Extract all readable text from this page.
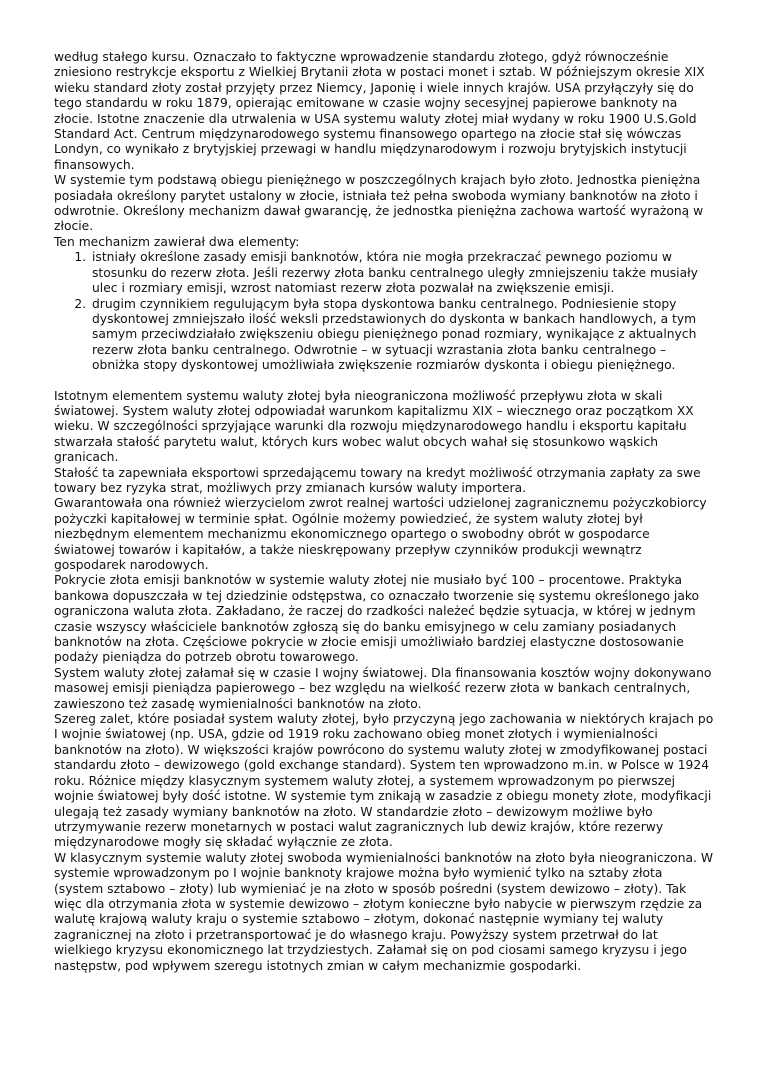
według stałego kursu. Oznaczało to faktyczne wprowadzenie standardu złotego, gdyż równocześnie zniesiono restrykcje eksportu z Wielkiej Brytanii złota w postaci monet i sztab. W późniejszym okresie XIX wieku standard złoty został przyjęty przez Niemcy, Japonię i wiele innych krajów. USA przyłączyły się do tego standardu w roku 1879, opierając emitowane w czasie wojny secesyjnej papierowe banknoty na złocie. Istotne znaczenie dla utrwalenia w USA systemu waluty złotej miał wydany w roku 1900 U.S.Gold Standard Act. Centrum międzynarodowego systemu finansowego opartego na złocie stał się wówczas Londyn, co wynikało z brytyjskiej przewagi w handlu międzynarodowym i rozwoju brytyjskich instytucji finansowych.

W systemie tym podstawą obiegu pieniężnego w poszczególnych krajach było złoto. Jednostka pieniężna posiadała określony parytet ustalony w złocie, istniała też pełna swoboda wymiany banknotów na złoto i odwrotnie. Określony mechanizm dawał gwarancję, że jednostka pieniężna zachowa wartość wyrażoną w złocie.

Ten mechanizm zawierał dwa elementy:

1. istniały określone zasady emisji banknotów, która nie mogła przekraczać pewnego poziomu w stosunku do rezerw złota. Jeśli rezerwy złota banku centralnego uległy zmniejszeniu także musiały ulec i rozmiary emisji, wzrost natomiast rezerw złota pozwalał na zwiększenie emisji.
2. drugim czynnikiem regulującym była stopa dyskontowa banku centralnego. Podniesienie stopy dyskontowej zmniejszało ilość weksli przedstawionych do dyskonta w bankach handlowych, a tym samym przeciwdziałało zwiększeniu obiegu pieniężnego ponad rozmiary, wynikające z aktualnych rezerw złota banku centralnego. Odwrotnie – w sytuacji wzrastania złota banku centralnego – obniżka stopy dyskontowej umożliwiała zwiększenie rozmiarów dyskonta i obiegu pieniężnego.

Istotnym elementem systemu waluty złotej była nieograniczona możliwość przepływu złota w skali światowej. System waluty złotej odpowiadał warunkom kapitalizmu XIX – wiecznego oraz początkom XX wieku. W szczególności sprzyjające warunki dla rozwoju międzynarodowego handlu i eksportu kapitału stwarzała stałość parytetu walut, których kurs wobec walut obcych wahał się stosunkowo wąskich granicach.

Stałość ta zapewniała eksportowi sprzedającemu towary na kredyt możliwość otrzymania zapłaty za swe towary bez ryzyka strat, możliwych przy zmianach kursów waluty importera.

Gwarantowała ona również wierzycielom zwrot realnej wartości udzielonej zagranicznemu pożyczkobiorcy pożyczki kapitałowej w terminie spłat. Ogólnie możemy powiedzieć, że system waluty złotej był niezbędnym elementem mechanizmu ekonomicznego opartego o swobodny obrót w gospodarce światowej towarów i kapitałów, a także nieskrępowany przepływ czynników produkcji wewnątrz gospodarek narodowych.

Pokrycie złota emisji banknotów w systemie waluty złotej nie musiało być 100 – procentowe. Praktyka bankowa dopuszczała w tej dziedzinie odstępstwa, co oznaczało tworzenie się systemu określonego jako ograniczona waluta złota. Zakładano, że raczej do rzadkości należeć będzie sytuacja, w której w jednym czasie wszyscy właściciele banknotów zgłoszą się do banku emisyjnego w celu zamiany posiadanych banknotów na złota. Częściowe pokrycie w złocie emisji umożliwiało bardziej elastyczne dostosowanie podaży pieniądza do potrzeb obrotu towarowego.

System waluty złotej załamał się w czasie I wojny światowej. Dla finansowania kosztów wojny dokonywano masowej emisji pieniądza papierowego – bez względu na wielkość rezerw złota w bankach centralnych, zawieszono też zasadę wymienialności banknotów na złoto.

Szereg zalet, które posiadał system waluty złotej, było przyczyną jego zachowania w niektórych krajach po I wojnie światowej (np. USA, gdzie od 1919 roku zachowano obieg monet złotych i wymienialności banknotów na złoto). W większości krajów powrócono do systemu waluty złotej w zmodyfikowanej postaci standardu złoto – dewizowego (gold exchange standard). System ten wprowadzono m.in. w Polsce w 1924 roku. Różnice między klasycznym systemem waluty złotej, a systemem wprowadzonym po pierwszej wojnie światowej były dość istotne. W systemie tym znikają w zasadzie z obiegu monety złote, modyfikacji ulegają też zasady wymiany banknotów na złoto. W standardzie złoto – dewizowym możliwe było utrzymywanie rezerw monetarnych w postaci walut zagranicznych lub dewiz krajów, które rezerwy międzynarodowe mogły się składać wyłącznie ze złota.

W klasycznym systemie waluty złotej swoboda wymienialności banknotów na złoto była nieograniczona. W systemie wprowadzonym po I wojnie banknoty krajowe można było wymienić tylko na sztaby złota (system sztabowo – złoty) lub wymieniać je na złoto w sposób pośredni (system dewizowo – złoty). Tak więc dla otrzymania złota w systemie dewizowo – złotym konieczne było nabycie w pierwszym rzędzie za walutę krajową waluty kraju o systemie sztabowo – złotym, dokonać następnie wymiany tej waluty zagranicznej na złoto i przetransportować je do własnego kraju. Powyższy system przetrwał do lat wielkiego kryzysu ekonomicznego lat trzydziestych. Załamał się on pod ciosami samego kryzysu i jego następstw, pod wpływem szeregu istotnych zmian w całym mechanizmie gospodarki.
